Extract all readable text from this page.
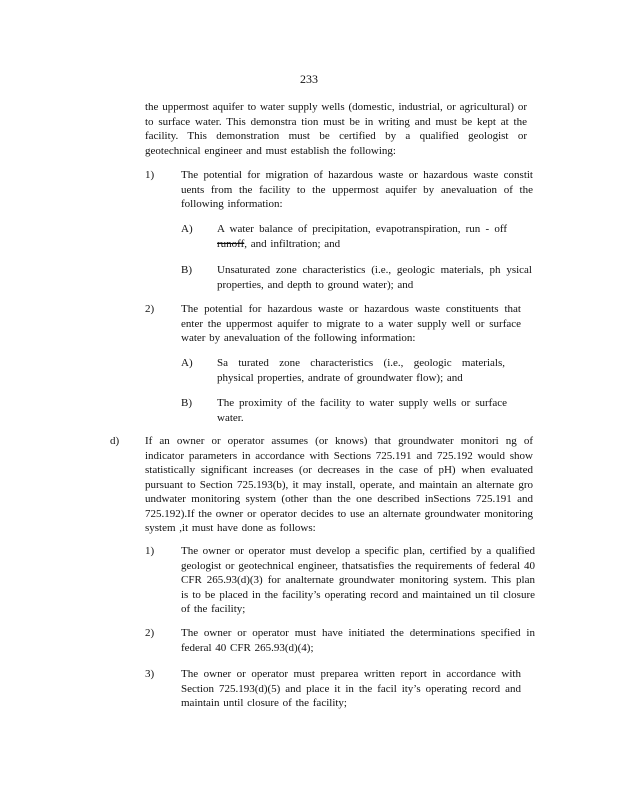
233
the uppermost aquifer to water supply wells (domestic, industrial, or agricultural) or to surface water. This demonstra tion must be in writing and must be kept at the facility. This demonstration must be certified by a qualified geologist or geotechnical engineer and must establish the following:
1) The potential for migration of hazardous waste or hazardous waste constit uents from the facility to the uppermost aquifer by anevaluation of the following information:
A) A water balance of precipitation, evapotranspiration, run - off runoff, and infiltration; and
B) Unsaturated zone characteristics (i.e., geologic materials, ph ysical properties, and depth to ground water); and
2) The potential for hazardous waste or hazardous waste constituents that enter the uppermost aquifer to migrate to a water supply well or surface water by anevaluation of the following information:
A) Sa turated zone characteristics (i.e., geologic materials, physical properties, andrate of groundwater flow); and
B) The proximity of the facility to water supply wells or surface water.
d) If an owner or operator assumes (or knows) that groundwater monitori ng of indicator parameters in accordance with Sections 725.191 and 725.192 would show statistically significant increases (or decreases in the case of pH) when evaluated pursuant to Section 725.193(b), it may install, operate, and maintain an alternate gro undwater monitoring system (other than the one described inSections 725.191 and 725.192).If the owner or operator decides to use an alternate groundwater monitoring system ,it must have done as follows:
1) The owner or operator must develop a specific plan, certified by a qualified geologist or geotechnical engineer, thatsatisfies the requirements of federal 40 CFR 265.93(d)(3) for analternate groundwater monitoring system. This plan is to be placed in the facility’s operating record and maintained un til closure of the facility;
2) The owner or operator must have initiated the determinations specified in federal 40 CFR 265.93(d)(4);
3) The owner or operator must preparea written report in accordance with Section 725.193(d)(5) and place it in the facil ity’s operating record and maintain until closure of the facility;
